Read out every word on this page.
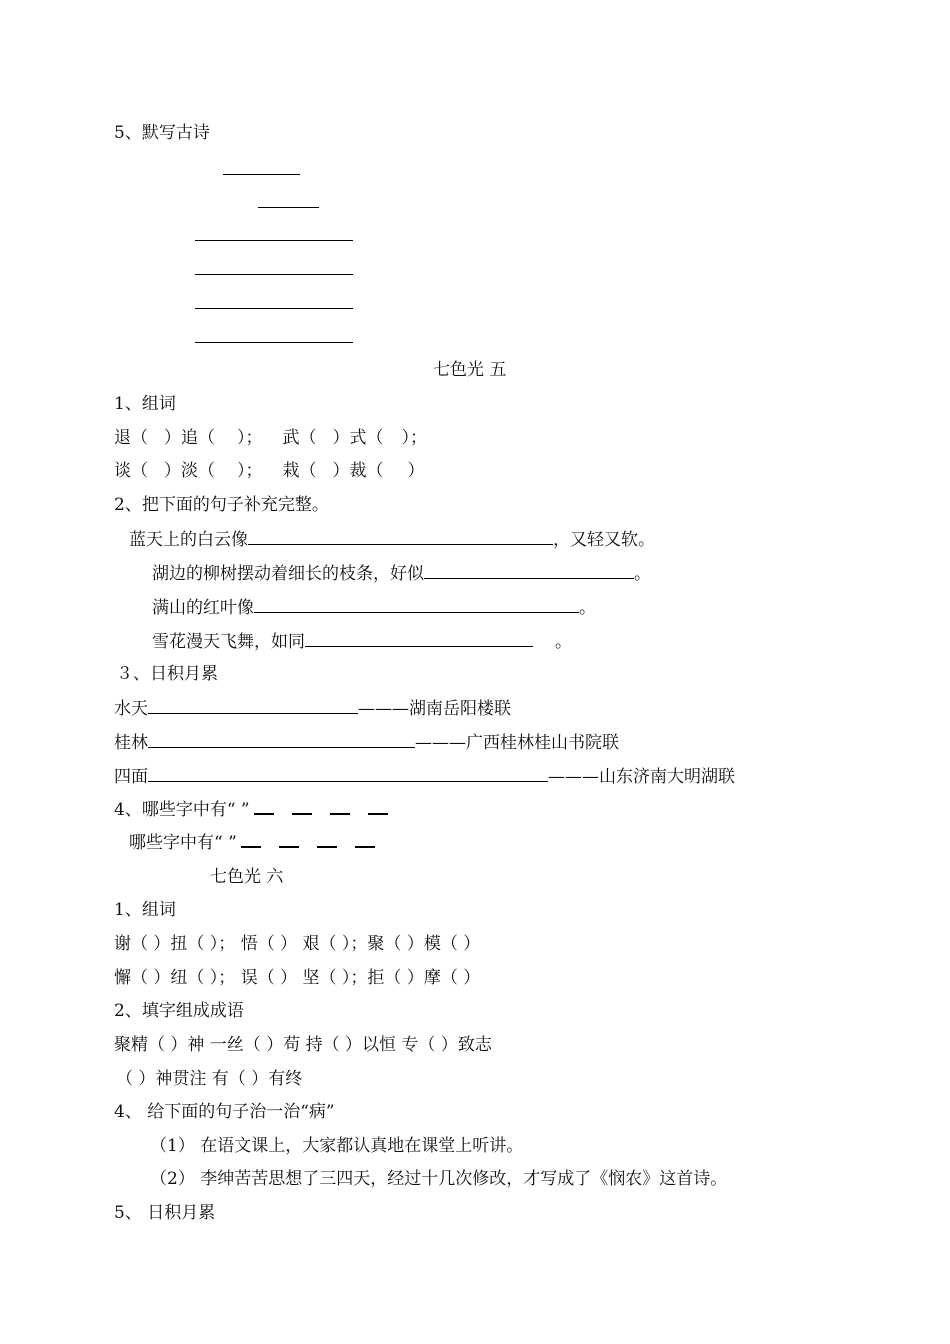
5、默写古诗
七色光 五
1、组词
退（ ）追（ ）； 武（ ）式（ ）；
谈（ ）淡（ ）； 栽（ ）裁（ ）
2、把下面的句子补充完整。
蓝天上的白云像	，又轻又软。
湖边的柳树摆动着细长的枝条，好似	。
满山的红叶像	。
雪花漫天飞舞，如同	。
３、日积月累
水天	———湖南岳阳楼联
桂林	———广西桂林桂山书院联
四面	———山东济南大明湖联
4、哪些字中有“ ”
哪些字中有“ ”
七色光 六
1、组词
谢（ ）扭（ ）； 悟（ ） 艰（ ）；聚（ ）模（ ）
懈（ ）纽（ ）； 误（ ） 坚（ ）；拒（ ）摩（ ）
2、填字组成成语
聚精（ ）神 一丝（ ）苟 持（ ）以恒 专（ ）致志
（ ）神贯注 有（ ）有终
4、 给下面的句子治一治“病”
（1） 在语文课上，大家都认真地在课堂上听讲。
（2） 李绅苦苦思想了三四天，经过十几次修改，才写成了《悯农》这首诗。
5、 日积月累
